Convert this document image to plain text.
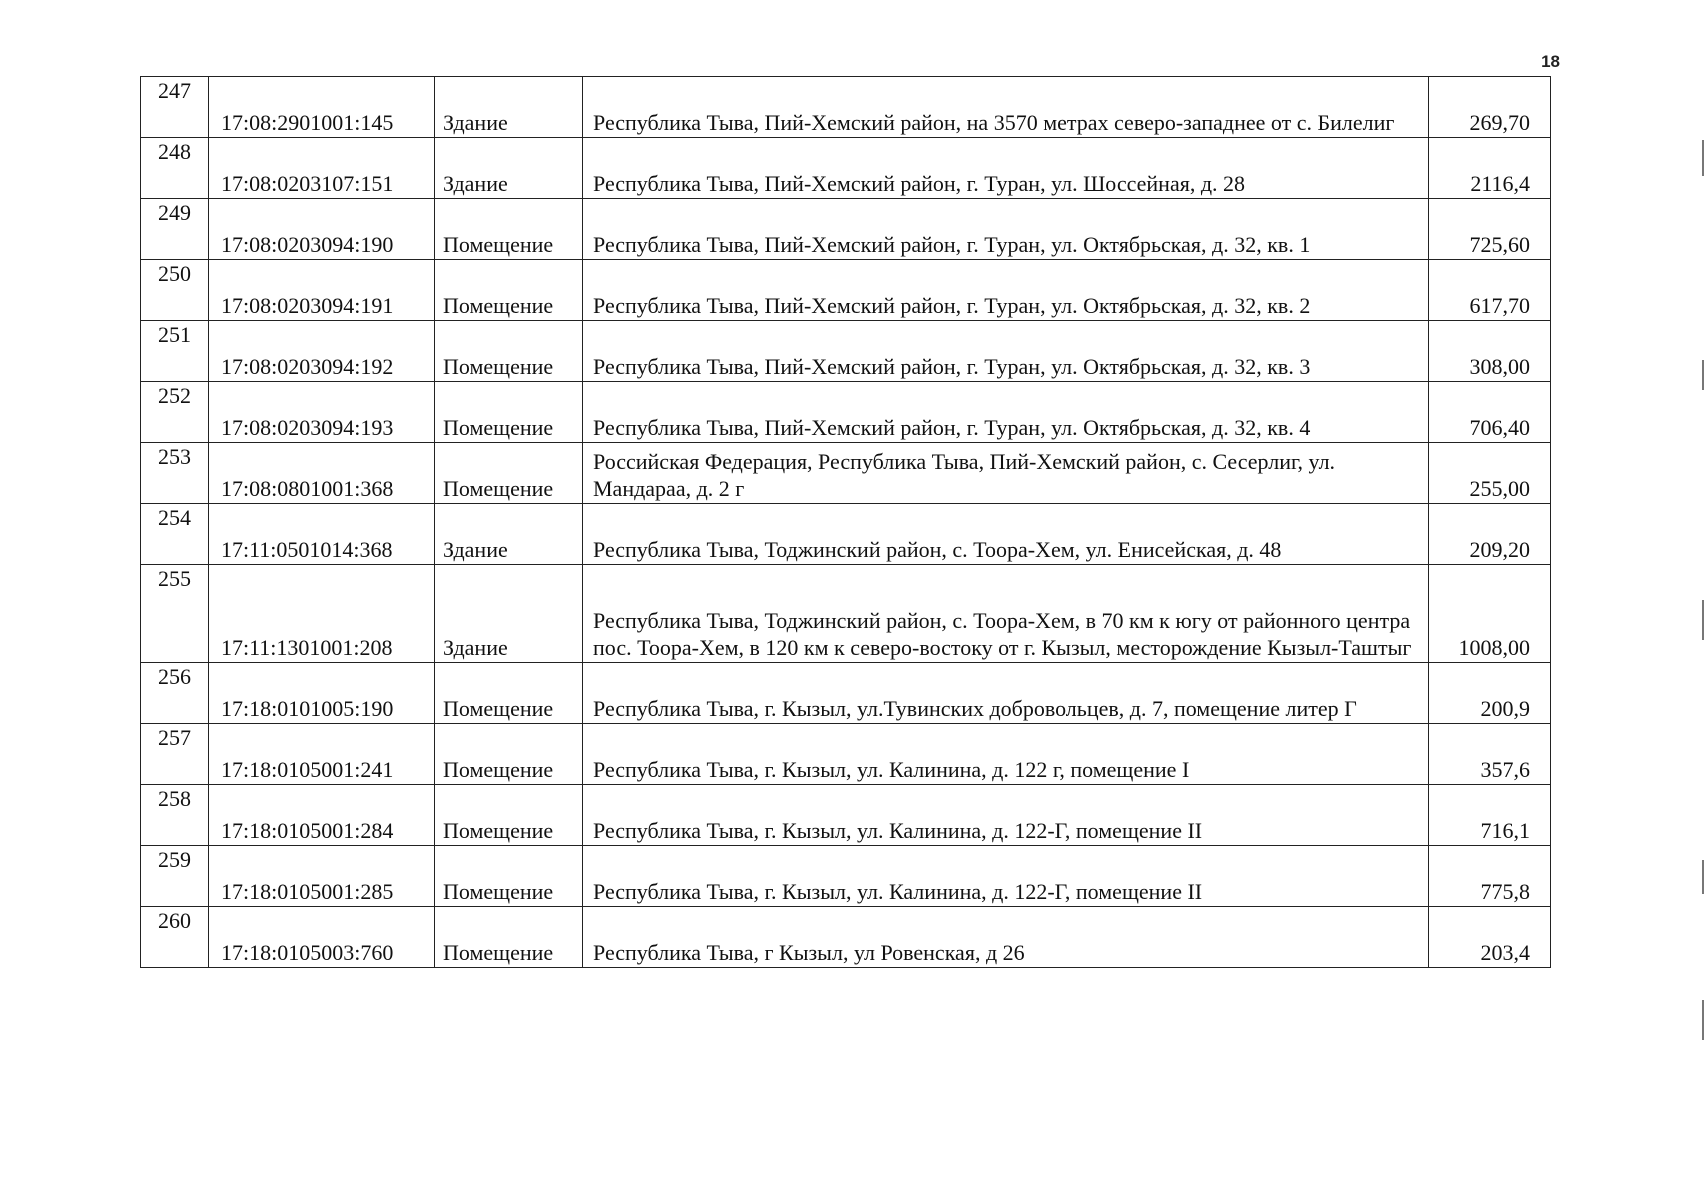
18
247	17:08:2901001:145	Здание	Республика Тыва, Пий-Хемский район, на 3570 метрах северо-западнее от с. Билелиг	269,70
248	17:08:0203107:151	Здание	Республика Тыва, Пий-Хемский район, г. Туран, ул. Шоссейная, д. 28	2116,4
249	17:08:0203094:190	Помещение	Республика Тыва, Пий-Хемский район, г. Туран, ул. Октябрьская, д. 32, кв. 1	725,60
250	17:08:0203094:191	Помещение	Республика Тыва, Пий-Хемский район, г. Туран, ул. Октябрьская, д. 32, кв. 2	617,70
251	17:08:0203094:192	Помещение	Республика Тыва, Пий-Хемский район, г. Туран, ул. Октябрьская, д. 32, кв. 3	308,00
252	17:08:0203094:193	Помещение	Республика Тыва, Пий-Хемский район, г. Туран, ул. Октябрьская, д. 32, кв. 4	706,40
253	17:08:0801001:368	Помещение	Российская Федерация, Республика Тыва, Пий-Хемский район, с. Сесерлиг, ул. Мандараа, д. 2 г	255,00
254	17:11:0501014:368	Здание	Республика Тыва, Тоджинский район, с. Тоора-Хем, ул. Енисейская, д. 48	209,20
255	17:11:1301001:208	Здание	Республика Тыва, Тоджинский район, с. Тоора-Хем, в 70 км к югу от районного центра пос. Тоора-Хем, в 120 км к северо-востоку от г. Кызыл, месторождение Кызыл-Таштыг	1008,00
256	17:18:0101005:190	Помещение	Республика Тыва, г. Кызыл, ул.Тувинских добровольцев, д. 7, помещение литер Г	200,9
257	17:18:0105001:241	Помещение	Республика Тыва, г. Кызыл, ул. Калинина, д. 122 г, помещение I	357,6
258	17:18:0105001:284	Помещение	Республика Тыва, г. Кызыл, ул. Калинина, д. 122-Г, помещение II	716,1
259	17:18:0105001:285	Помещение	Республика Тыва, г. Кызыл, ул. Калинина, д. 122-Г, помещение II	775,8
260	17:18:0105003:760	Помещение	Республика Тыва, г Кызыл, ул Ровенская, д 26	203,4
